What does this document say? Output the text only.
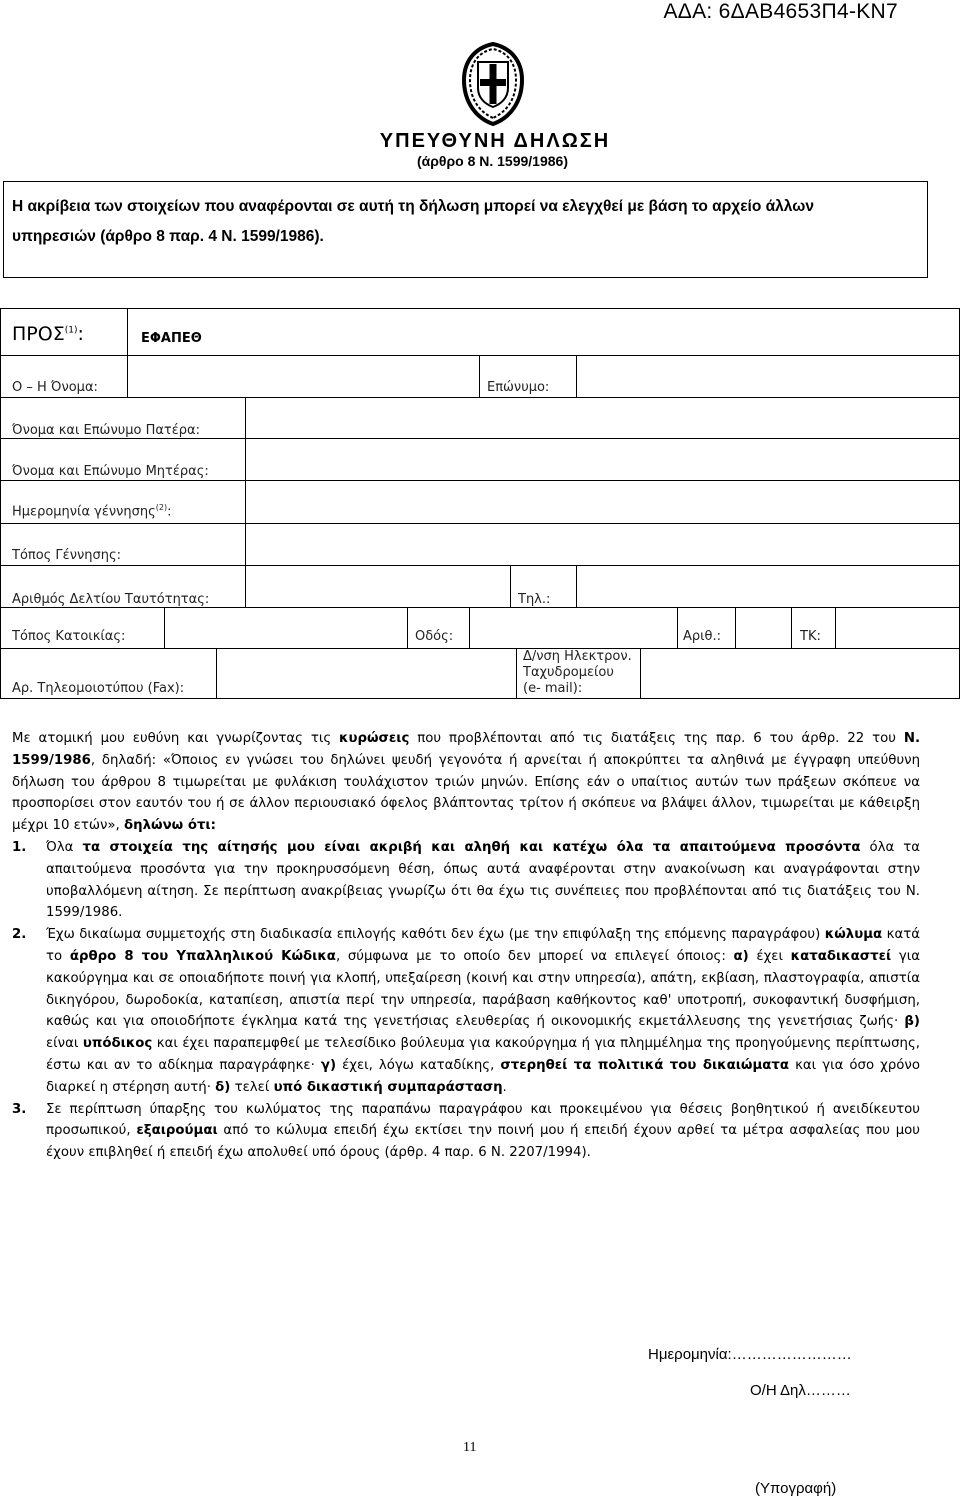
ΑΔΑ: 6ΔΑΒ4653Π4-ΚΝ7
ΥΠΕΥΘΥΝΗ ΔΗΛΩΣΗ
(άρθρο 8 Ν. 1599/1986)
Η ακρίβεια των στοιχείων που αναφέρονται σε αυτή τη δήλωση μπορεί να ελεγχθεί με βάση το αρχείο άλλων
υπηρεσιών (άρθρο 8 παρ. 4 Ν. 1599/1986).
ΠΡΟΣ$^{(1)}$:	ΕΦΑΠΕΘ
Ο – Η Όνομα:	Επώνυμο:
Όνομα και Επώνυμο Πατέρα:
Όνομα και Επώνυμο Μητέρας:
Ημερομηνία γέννησης$^{(2)}$:
Τόπος Γέννησης:
Αριθμός Δελτίου Ταυτότητας:	Τηλ.:
Τόπος Κατοικίας:	Οδός:	Αριθ.:	ΤΚ:
Αρ. Τηλεομοιοτύπου (Fax):
Δ/νση Ηλεκτρον.
Ταχυδρομείου
(e- mail):

Με ατομική μου ευθύνη και γνωρίζοντας τις κυρώσεις που προβλέπονται από τις διατάξεις της παρ. 6 του άρθρ. 22 του Ν. 1599/1986, δηλαδή: «Όποιος εν γνώσει του δηλώνει ψευδή γεγονότα ή αρνείται ή αποκρύπτει τα αληθινά με έγγραφη υπεύθυνη δήλωση του άρθρου 8 τιμωρείται με φυλάκιση τουλάχιστον τριών μηνών. Επίσης εάν ο υπαίτιος αυτών των πράξεων σκόπευε να προσπορίσει στον εαυτόν του ή σε άλλον περιουσιακό όφελος βλάπτοντας τρίτον ή σκόπευε να βλάψει άλλον, τιμωρείται με κάθειρξη μέχρι 10 ετών», δηλώνω ότι:

1. Όλα τα στοιχεία της αίτησής μου είναι ακριβή και αληθή και κατέχω όλα τα απαιτούμενα προσόντα όλα τα απαιτούμενα προσόντα για την προκηρυσσόμενη θέση, όπως αυτά αναφέρονται στην ανακοίνωση και αναγράφονται στην υποβαλλόμενη αίτηση. Σε περίπτωση ανακρίβειας γνωρίζω ότι θα έχω τις συνέπειες που προβλέπονται από τις διατάξεις του Ν. 1599/1986.
2. Έχω δικαίωμα συμμετοχής στη διαδικασία επιλογής καθότι δεν έχω (με την επιφύλαξη της επόμενης παραγράφου) κώλυμα κατά το άρθρο 8 του Υπαλληλικού Κώδικα, σύμφωνα με το οποίο δεν μπορεί να επιλεγεί όποιος: α) έχει καταδικαστεί για κακούργημα και σε οποιαδήποτε ποινή για κλοπή, υπεξαίρεση (κοινή και στην υπηρεσία), απάτη, εκβίαση, πλαστογραφία, απιστία δικηγόρου, δωροδοκία, καταπίεση, απιστία περί την υπηρεσία, παράβαση καθήκοντος καθ' υποτροπή, συκοφαντική δυσφήμιση, καθώς και για οποιοδήποτε έγκλημα κατά της γενετήσιας ελευθερίας ή οικονομικής εκμετάλλευσης της γενετήσιας ζωής· β) είναι υπόδικος και έχει παραπεμφθεί με τελεσίδικο βούλευμα για κακούργημα ή για πλημμέλημα της προηγούμενης περίπτωσης, έστω και αν το αδίκημα παραγράφηκε· γ) έχει, λόγω καταδίκης, στερηθεί τα πολιτικά του δικαιώματα και για όσο χρόνο διαρκεί η στέρηση αυτή· δ) τελεί υπό δικαστική συμπαράσταση.
3. Σε περίπτωση ύπαρξης του κωλύματος της παραπάνω παραγράφου και προκειμένου για θέσεις βοηθητικού ή ανειδίκευτου προσωπικού, εξαιρούμαι από το κώλυμα επειδή έχω εκτίσει την ποινή μου ή επειδή έχουν αρθεί τα μέτρα ασφαλείας που μου έχουν επιβληθεί ή επειδή έχω απολυθεί υπό όρους (άρθρ. 4 παρ. 6 Ν. 2207/1994).
Ημερομηνία:……………………
Ο/Η Δηλ………
11
(Υπογραφή)
